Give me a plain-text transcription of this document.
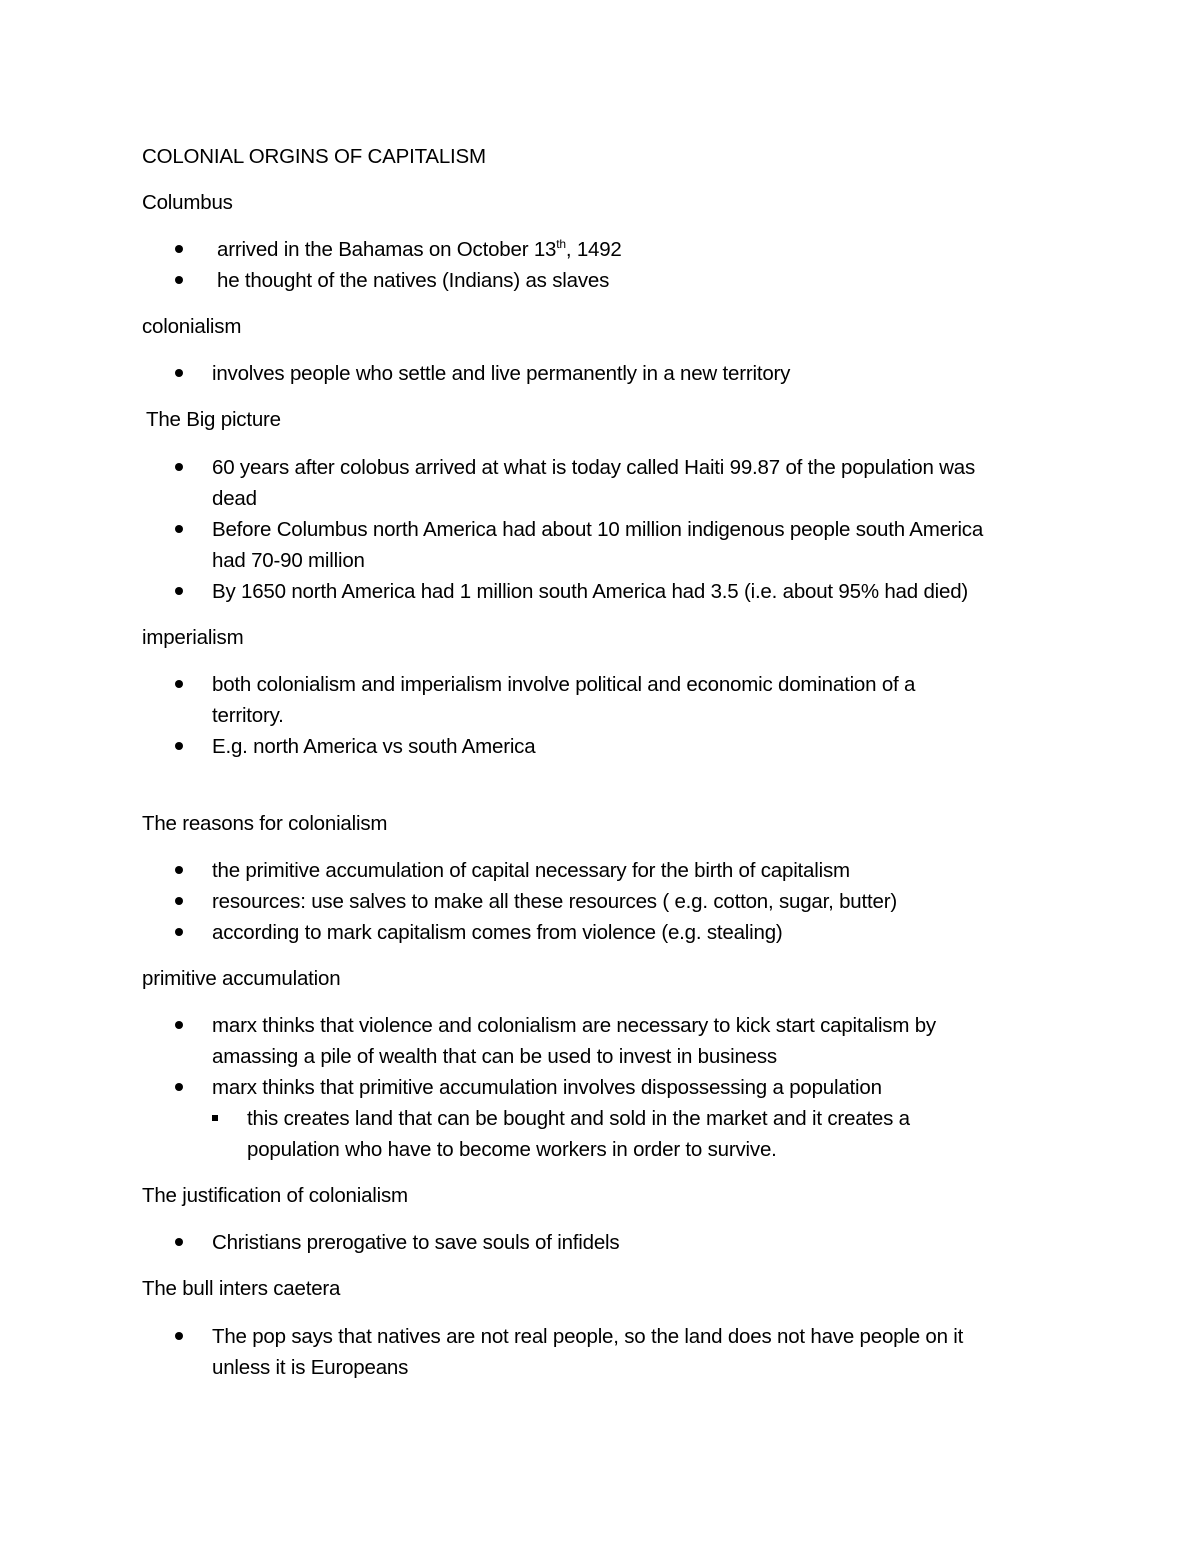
COLONIAL ORGINS OF CAPITALISM
Columbus
arrived in the Bahamas on October 13th, 1492
he thought of the natives (Indians) as slaves
colonialism
involves people who settle and live permanently in a new territory
The Big picture
60 years after colobus arrived at what is today called Haiti 99.87 of the population was
dead
Before Columbus north America had about 10 million indigenous people south America
had 70-90 million
By 1650 north America had 1 million south America had 3.5 (i.e. about 95% had died)
imperialism
both colonialism and imperialism involve political and economic domination of a
territory.
E.g. north America vs south America
The reasons for colonialism
the primitive accumulation of capital necessary for the birth of capitalism
resources: use salves to make all these resources ( e.g. cotton, sugar, butter)
according to mark capitalism comes from violence (e.g. stealing)
primitive accumulation
marx thinks that violence and colonialism are necessary to kick start capitalism by
amassing a pile of wealth that can be used to invest in business
marx thinks that primitive accumulation involves dispossessing a population
this creates land that can be bought and sold in the market and it creates a
population who have to become workers in order to survive.
The justification of colonialism
Christians prerogative to save souls of infidels
The bull inters caetera
The pop says that natives are not real people, so the land does not have people on it
unless it is Europeans
